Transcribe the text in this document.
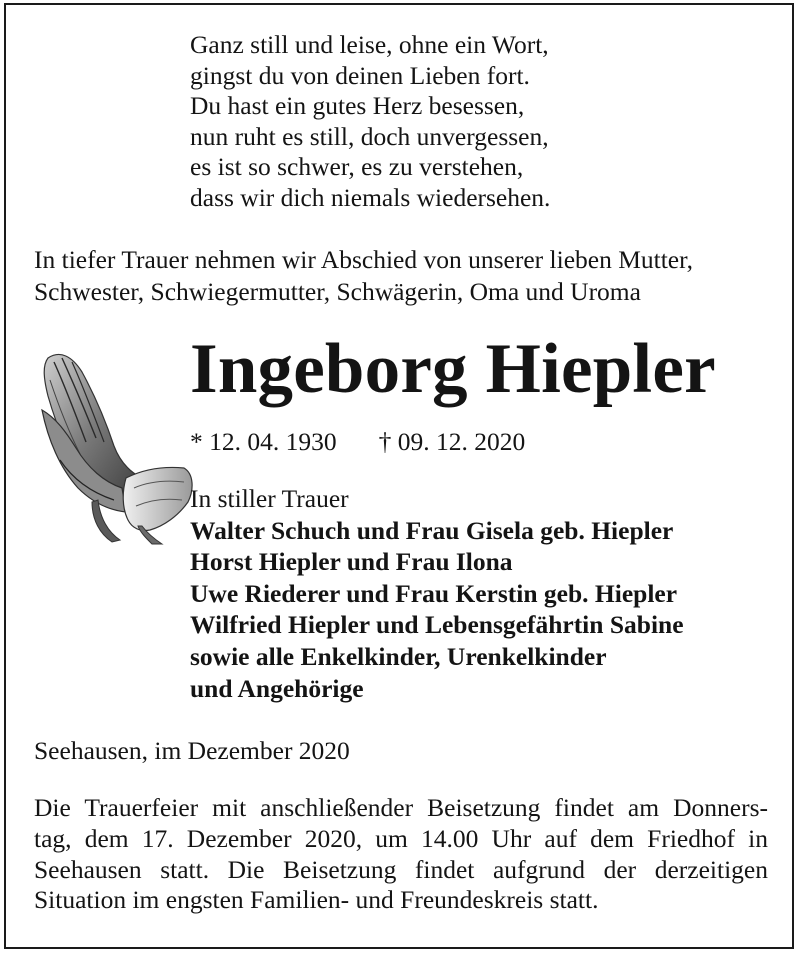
Ganz still und leise, ohne ein Wort,
gingst du von deinen Lieben fort.
Du hast ein gutes Herz besessen,
nun ruht es still, doch unvergessen,
es ist so schwer, es zu verstehen,
dass wir dich niemals wiedersehen.
In tiefer Trauer nehmen wir Abschied von unserer lieben Mutter,
Schwester, Schwiegermutter, Schwägerin, Oma und Uroma
Ingeborg Hiepler
* 12. 04. 1930 † 09. 12. 2020
In stiller Trauer
Walter Schuch und Frau Gisela geb. Hiepler
Horst Hiepler und Frau Ilona
Uwe Riederer und Frau Kerstin geb. Hiepler
Wilfried Hiepler und Lebensgefährtin Sabine
sowie alle Enkelkinder, Urenkelkinder
und Angehörige
Seehausen, im Dezember 2020
Die Trauerfeier mit anschließender Beisetzung findet am Donners-
tag, dem 17. Dezember 2020, um 14.00 Uhr auf dem Friedhof in
Seehausen statt. Die Beisetzung findet aufgrund der derzeitigen
Situation im engsten Familien- und Freundeskreis statt.
